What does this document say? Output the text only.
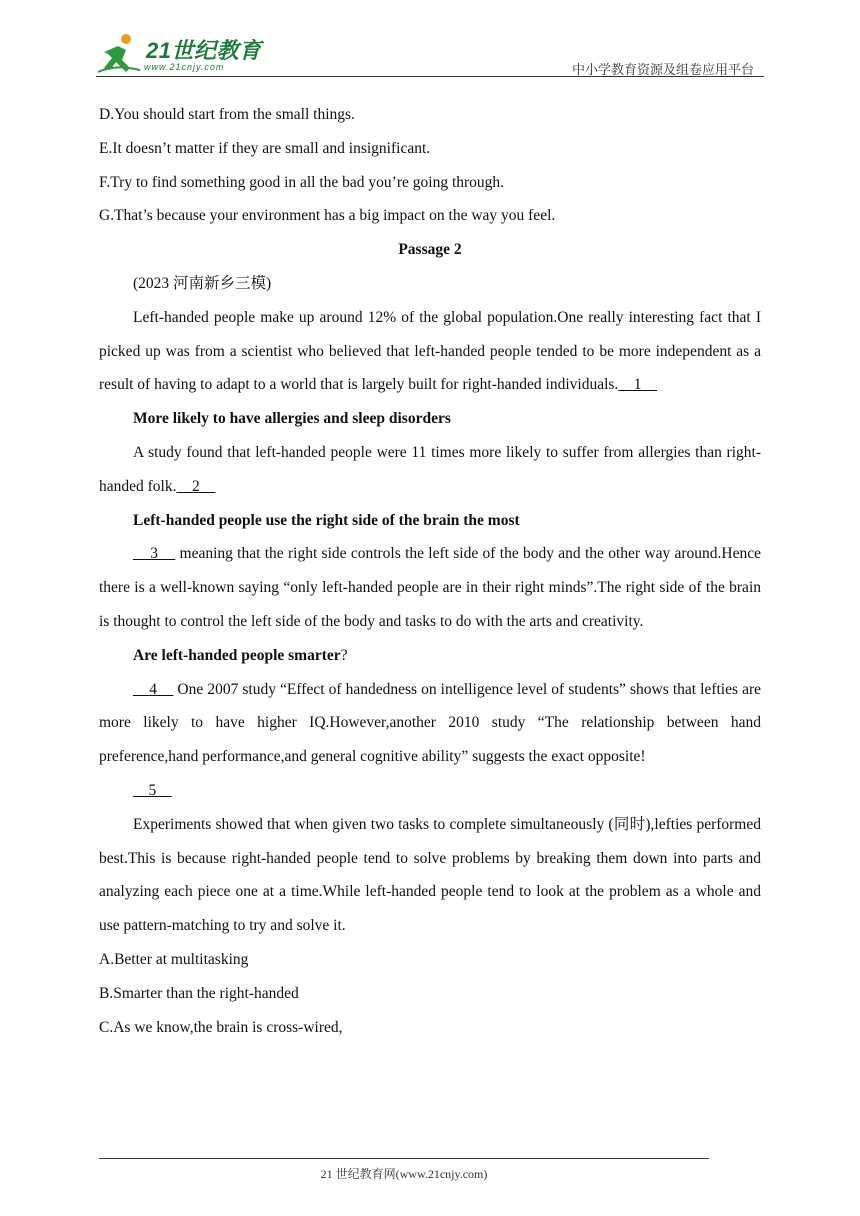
21世纪教育
www.21cnjy.com	中小学教育资源及组卷应用平台

D.You should start from the small things.

E.It doesn’t matter if they are small and insignificant.

F.Try to find something good in all the bad you’re going through.

G.That’s because your environment has a big impact on the way you feel.

Passage 2

(2023 河南新乡三模)

Left-handed people make up around 12% of the global population.One really interesting fact that I picked up was from a scientist who believed that left-handed people tended to be more independent as a result of having to adapt to a world that is largely built for right-handed individuals.    1

More likely to have allergies and sleep disorders

A study found that left-handed people were 11 times more likely to suffer from allergies than right-handed folk.    2

Left-handed people use the right side of the brain the most

3     meaning that the right side controls the left side of the body and the other way around.Hence there is a well-known saying “only left-handed people are in their right minds”.The right side of the brain is thought to control the left side of the body and tasks to do with the arts and creativity.

Are left-handed people smarter?

4     One 2007 study “Effect of handedness on intelligence level of students” shows that lefties are more likely to have higher IQ.However,another 2010 study “The relationship between hand preference,hand performance,and general cognitive ability” suggests the exact opposite!

5

Experiments showed that when given two tasks to complete simultaneously (同时),lefties performed best.This is because right-handed people tend to solve problems by breaking them down into parts and analyzing each piece one at a time.While left-handed people tend to look at the problem as a whole and use pattern-matching to try and solve it.

A.Better at multitasking

B.Smarter than the right-handed

C.As we know,the brain is cross-wired,

21 世纪教育网(www.21cnjy.com)
